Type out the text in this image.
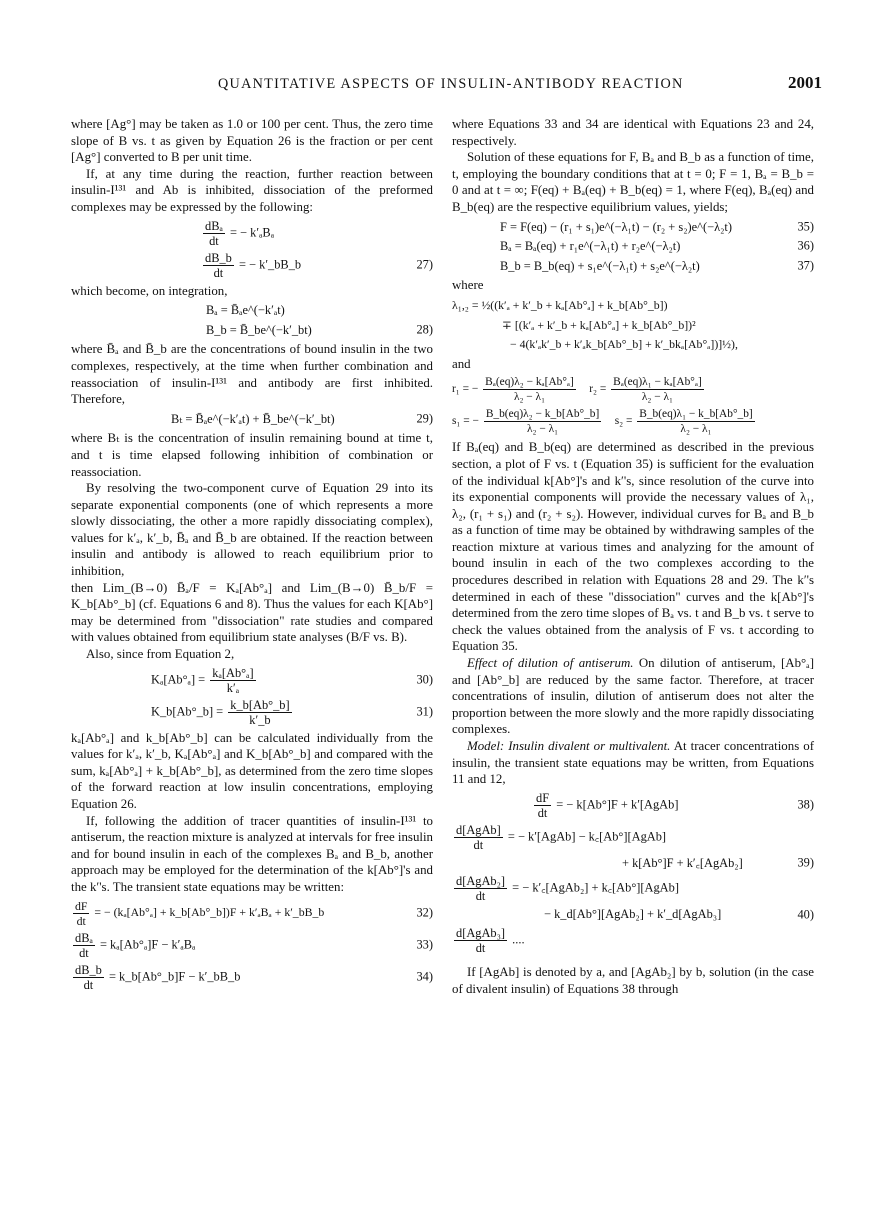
QUANTITATIVE ASPECTS OF INSULIN-ANTIBODY REACTION	2001

where [Ag°] may be taken as 1.0 or 100 per cent. Thus, the zero time slope of B vs. t as given by Equation 26 is the fraction or per cent [Ag°] converted to B per unit time.

If, at any time during the reaction, further reaction between insulin-I¹³¹ and Ab is inhibited, dissociation of the preformed complexes may be expressed by the following:

$\frac{\text{dBₐ}}{dt}$ = − k′ₐBₐ
$\frac{dB\_b}{dt}$ = − k′_bB_b	27)

which become, on integration,

Bₐ = B̄ₐe^(−k′ₐt)
B_b = B̄_be^(−k′_bt)	28)

where B̄ₐ and B̄_b are the concentrations of bound insulin in the two complexes, respectively, at the time when further combination and reassociation of insulin-I¹³¹ and antibody are first inhibited. Therefore,

Bₜ = B̄ₐe^(−k′ₐt) + B̄_be^(−k′_bt)	29)

where Bₜ is the concentration of insulin remaining bound at time t, and t is time elapsed following inhibition of combination or reassociation.

By resolving the two-component curve of Equation 29 into its separate exponential components (one of which represents a more slowly dissociating, the other a more rapidly dissociating complex), values for k′ₐ, k′_b, B̄ₐ and B̄_b are obtained. If the reaction between insulin and antibody is allowed to reach equilibrium prior to inhibition,

then Lim_(B→0) B̄ₐ/F = Kₐ[Ab°ₐ] and Lim_(B→0) B̄_b/F = K_b[Ab°_b] (cf. Equations 6 and 8). Thus the values for each K[Ab°] may be determined from "dissociation" rate studies and compared with values obtained from equilibrium state analyses (B/F vs. B).

Also, since from Equation 2,

$K_a[Ab^\circ_a] = \frac{\text{kₐ[Ab°ₐ]}}{\text{k′ₐ}}$	30)
K_b[Ab°_b] = $\frac{k\_b[Ab^\circ\_b]}{k'\_b}$	31)

kₐ[Ab°ₐ] and k_b[Ab°_b] can be calculated individually from the values for k′ₐ, k′_b, Kₐ[Ab°ₐ] and K_b[Ab°_b] and compared with the sum, kₐ[Ab°ₐ] + k_b[Ab°_b], as determined from the zero time slopes of the forward reaction at low insulin concentrations, employing Equation 26.

If, following the addition of tracer quantities of insulin-I¹³¹ to antiserum, the reaction mixture is analyzed at intervals for free insulin and for bound insulin in each of the complexes Bₐ and B_b, another approach may be employed for the determination of the k[Ab°]'s and the k′'s. The transient state equations may be written:

$\frac{dF}{dt}$ = − (kₐ[Ab°ₐ] + k_b[Ab°_b])F + k′ₐBₐ + k′_bB_b	32)
$\frac{\text{dBₐ}}{dt} = k_a[Ab^\circ_a]F - k'_aB_a$	33)
$\frac{dB\_b}{dt}$ = k_b[Ab°_b]F − k′_bB_b	34)

where Equations 33 and 34 are identical with Equations 23 and 24, respectively.

Solution of these equations for F, Bₐ and B_b as a function of time, t, employing the boundary conditions that at t = 0; F = 1, Bₐ = B_b = 0 and at t = ∞; F(eq) + Bₐ(eq) + B_b(eq) = 1, where F(eq), Bₐ(eq) and B_b(eq) are the respective equilibrium values, yields;

F = F(eq) − (r₁ + s₁)e^(−λ₁t) − (r₂ + s₂)e^(−λ₂t)	35)
Bₐ = Bₐ(eq) + r₁e^(−λ₁t) + r₂e^(−λ₂t)	36)
B_b = B_b(eq) + s₁e^(−λ₁t) + s₂e^(−λ₂t)	37)

where

λ₁,₂ = ½((k′ₐ + k′_b + kₐ[Ab°ₐ] + k_b[Ab°_b])
∓ [(k′ₐ + k′_b + kₐ[Ab°ₐ] + k_b[Ab°_b])²
− 4(k′ₐk′_b + k′ₐk_b[Ab°_b] + k′_bkₐ[Ab°ₐ])]½),

and

r₁ = − $\frac{\text{Bₐ(eq)λ₂ − kₐ[Ab°ₐ]}}{\text{λ₂ − λ₁}} r_2 = \frac{\text{Bₐ(eq)λ₁ − kₐ[Ab°ₐ]}}{\text{λ₂ − λ₁}}$
s₁ = − $\frac{\text{B\_b(eq)λ₂ − k\_b[Ab°\_b]}}{\text{λ₂ − λ₁}} s_2 = \frac{\text{B\_b(eq)λ₁ − k\_b[Ab°\_b]}}{\text{λ₂ − λ₁}}$

If Bₐ(eq) and B_b(eq) are determined as described in the previous section, a plot of F vs. t (Equation 35) is sufficient for the evaluation of the individual k[Ab°]'s and k′'s, since resolution of the curve into its exponential components will provide the necessary values of λ₁, λ₂, (r₁ + s₁) and (r₂ + s₂). However, individual curves for Bₐ and B_b as a function of time may be obtained by withdrawing samples of the reaction mixture at various times and analyzing for the amount of bound insulin in each of the two complexes according to the procedures described in relation with Equations 28 and 29. The k′'s determined in each of these "dissociation" curves and the k[Ab°]'s determined from the zero time slopes of Bₐ vs. t and B_b vs. t serve to check the values obtained from the analysis of F vs. t according to Equation 35.

Effect of dilution of antiserum. On dilution of antiserum, [Ab°ₐ] and [Ab°_b] are reduced by the same factor. Therefore, at tracer concentrations of insulin, dilution of antiserum does not alter the proportion between the more slowly and the more rapidly dissociating complexes.

Model: Insulin divalent or multivalent. At tracer concentrations of insulin, the transient state equations may be written, from Equations 11 and 12,

$\frac{dF}{dt}$ = − k[Ab°]F + k′[AgAb]	38)
$\frac{\text{d[AgAb]}}{dt}$ = − k′[AgAb] − k꜀[Ab°][AgAb]
+ k[Ab°]F + k′꜀[AgAb₂]	39)
$\frac{\text{d[AgAb₂]}}{dt}$ = − k′꜀[AgAb₂] + k꜀[Ab°][AgAb]
− k_d[Ab°][AgAb₂] + k′_d[AgAb₃]	40)
$\frac{\text{d[AgAb₃]}}{dt}$ ....

If [AgAb] is denoted by a, and [AgAb₂] by b, solution (in the case of divalent insulin) of Equations 38 through
